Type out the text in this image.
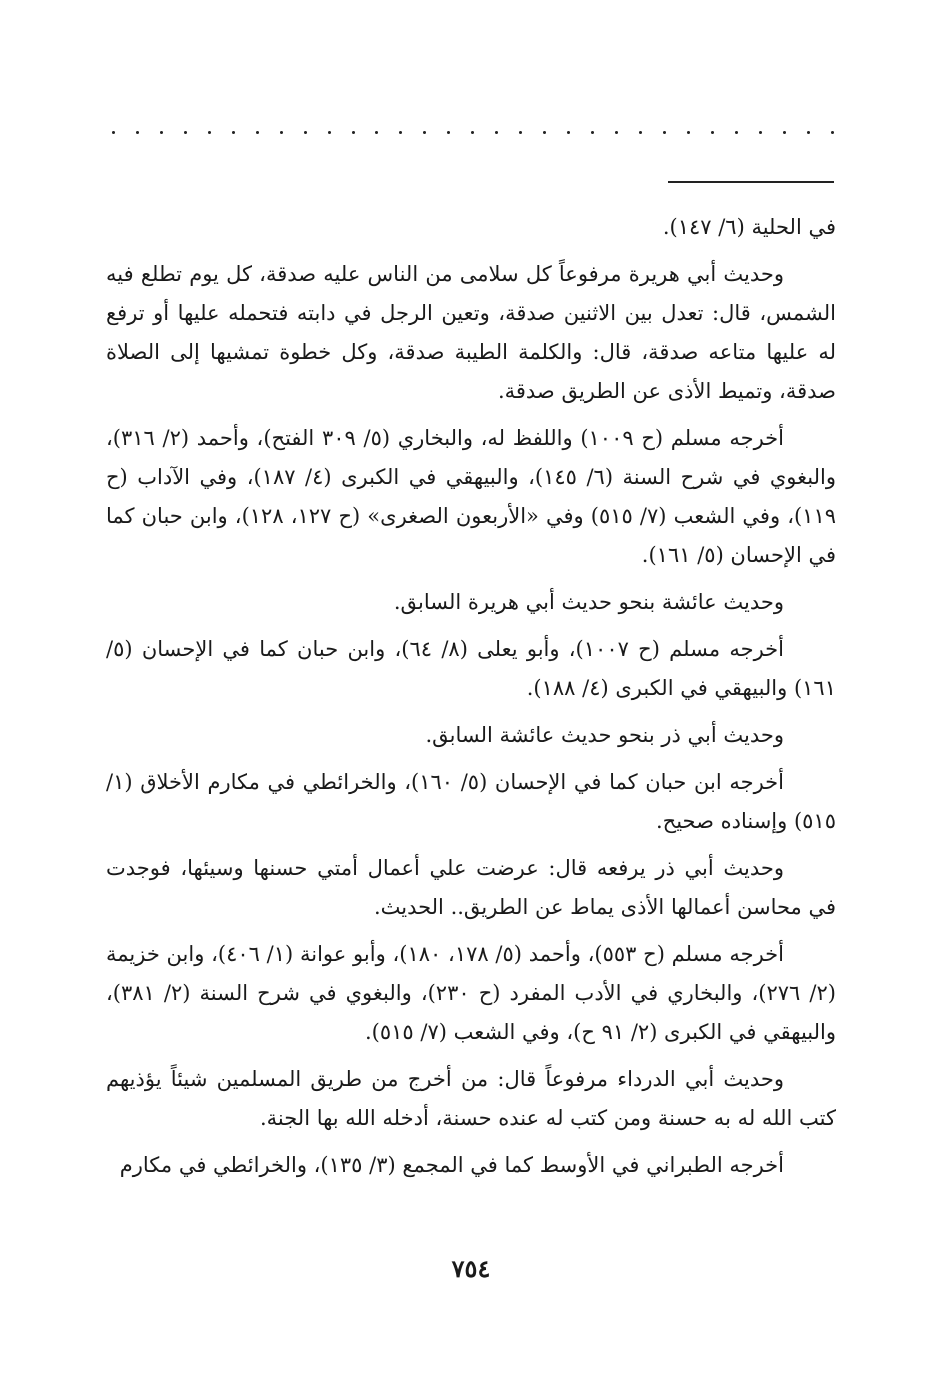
في الحلية (٦/ ١٤٧).

وحديث أبي هريرة مرفوعاً كل سلامى من الناس عليه صدقة، كل يوم تطلع فيه الشمس، قال: تعدل بين الاثنين صدقة، وتعين الرجل في دابته فتحمله عليها أو ترفع له عليها متاعه صدقة، قال: والكلمة الطيبة صدقة، وكل خطوة تمشيها إلى الصلاة صدقة، وتميط الأذى عن الطريق صدقة.

أخرجه مسلم (ح ١٠٠٩) واللفظ له، والبخاري (٥/ ٣٠٩ الفتح)، وأحمد (٢/ ٣١٦)، والبغوي في شرح السنة (٦/ ١٤٥)، والبيهقي في الكبرى (٤/ ١٨٧)، وفي الآداب (ح ١١٩)، وفي الشعب (٧/ ٥١٥) وفي «الأربعون الصغرى» (ح ١٢٧، ١٢٨)، وابن حبان كما في الإحسان (٥/ ١٦١).

وحديث عائشة بنحو حديث أبي هريرة السابق.

أخرجه مسلم (ح ١٠٠٧)، وأبو يعلى (٨/ ٦٤)، وابن حبان كما في الإحسان (٥/ ١٦١) والبيهقي في الكبرى (٤/ ١٨٨).

وحديث أبي ذر بنحو حديث عائشة السابق.

أخرجه ابن حبان كما في الإحسان (٥/ ١٦٠)، والخرائطي في مكارم الأخلاق (١/ ٥١٥) وإسناده صحيح.

وحديث أبي ذر يرفعه قال: عرضت علي أعمال أمتي حسنها وسيئها، فوجدت في محاسن أعمالها الأذى يماط عن الطريق.. الحديث.

أخرجه مسلم (ح ٥٥٣)، وأحمد (٥/ ١٧٨، ١٨٠)، وأبو عوانة (١/ ٤٠٦)، وابن خزيمة (٢/ ٢٧٦)، والبخاري في الأدب المفرد (ح ٢٣٠)، والبغوي في شرح السنة (٢/ ٣٨١)، والبيهقي في الكبرى (٢/ ٩١ ح)، وفي الشعب (٧/ ٥١٥).

وحديث أبي الدرداء مرفوعاً قال: من أخرج من طريق المسلمين شيئاً يؤذيهم كتب الله له به حسنة ومن كتب له عنده حسنة، أدخله الله بها الجنة.

أخرجه الطبراني في الأوسط كما في المجمع (٣/ ١٣٥)، والخرائطي في مكارم

٧٥٤
